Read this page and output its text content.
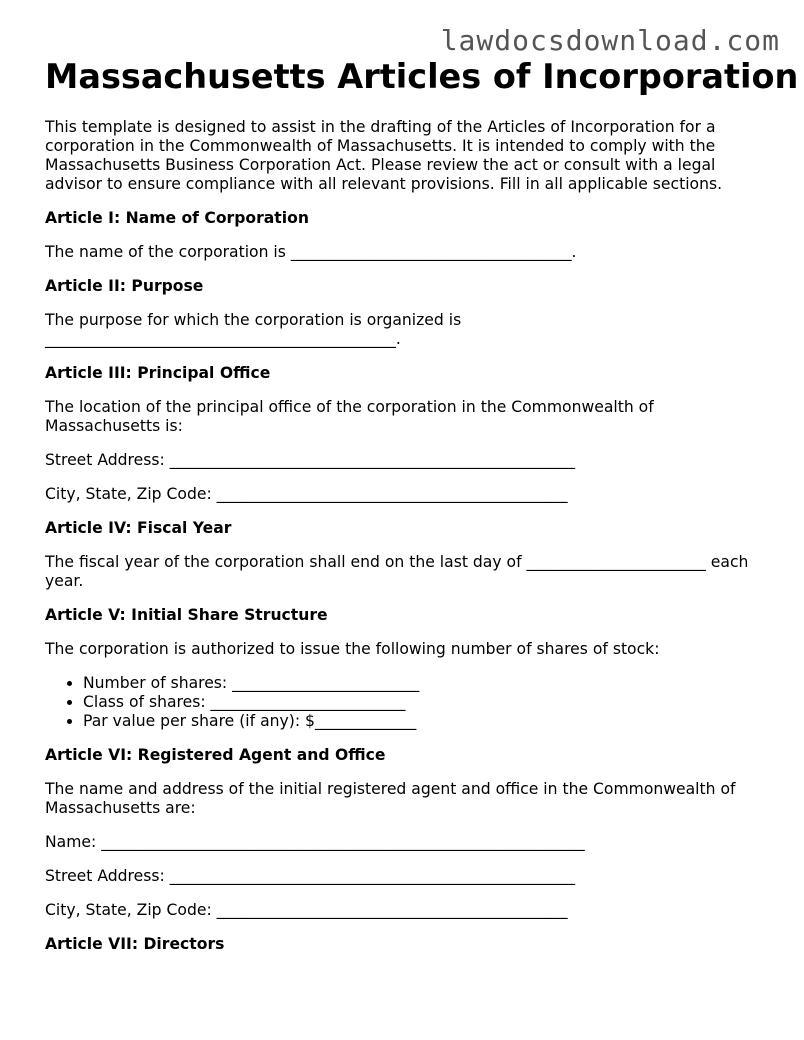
lawdocsdownload.com
Massachusetts Articles of Incorporation

This template is designed to assist in the drafting of the Articles of Incorporation for a corporation in the Commonwealth of Massachusetts. It is intended to comply with the Massachusetts Business Corporation Act. Please review the act or consult with a legal advisor to ensure compliance with all relevant provisions. Fill in all applicable sections.

Article I: Name of Corporation

The name of the corporation is ____________________________________.

Article II: Purpose

The purpose for which the corporation is organized is _____________________________________________.

Article III: Principal Office

The location of the principal office of the corporation in the Commonwealth of Massachusetts is:

Street Address: ____________________________________________________

City, State, Zip Code: _____________________________________________

Article IV: Fiscal Year

The fiscal year of the corporation shall end on the last day of _______________________ each year.

Article V: Initial Share Structure

The corporation is authorized to issue the following number of shares of stock:

• Number of shares: ________________________
• Class of shares: _________________________
• Par value per share (if any): $_____________

Article VI: Registered Agent and Office

The name and address of the initial registered agent and office in the Commonwealth of Massachusetts are:

Name: ______________________________________________________________

Street Address: ____________________________________________________

City, State, Zip Code: _____________________________________________

Article VII: Directors
